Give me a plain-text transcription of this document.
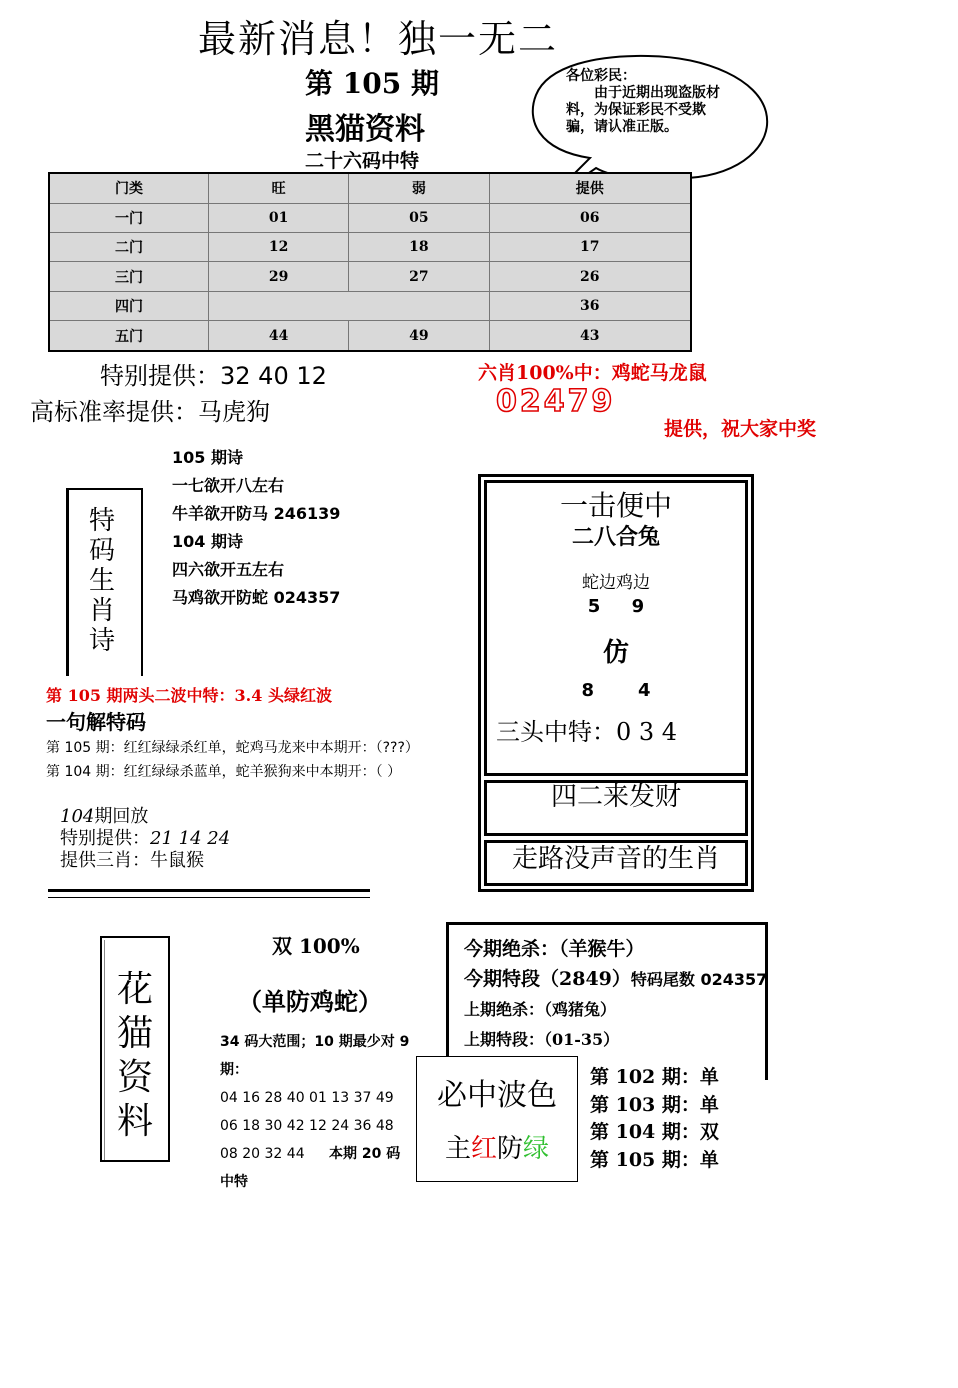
最新消息！独一无二
第 105 期
黑猫资料
二十六码中特
各位彩民：
由于近期出现盗版材料，为保证彩民不受欺骗，请认准正版。
门类	旺	弱	提供
一门	01	05	06
二门	12	18	17
三门	29	27	26
四门			36
五门	44	49	43
特别提供：32 40 12
高标准率提供：马虎狗
六肖100%中：鸡蛇马龙鼠
02479
提供，祝大家中奖
特码生肖诗
105 期诗
一七欲开八左右
牛羊欲开防马 246139
104 期诗
四六欲开五左右
马鸡欲开防蛇 024357
第 105 期两头二波中特：3.4 头绿红波
一句解特码
第 105 期：红红绿绿杀红单，蛇鸡马龙来中本期开：（???）
第 104 期：红红绿绿杀蓝单，蛇羊猴狗来中本期开：（ ）
104期回放
特别提供：21 14 24
提供三肖：牛鼠猴
一击便中
二八合兔
蛇边鸡边
5 9
仿
8 4
三头中特：0 3 4
四二来发财
走路没声音的生肖
花猫资料
双 100%
（单防鸡蛇）
34 码大范围；10 期最少对 9 期：
04 16 28 40 01 13 37 49
06 18 30 42 12 24 36 48
08 20 32 44 本期 20 码中特
今期绝杀：（羊猴牛）
今期特段（2849）特码尾数 024357
上期绝杀：（鸡猪兔）
上期特段：（01-35）
必中波色
主红防绿
第 102 期：单
第 103 期：单
第 104 期：双
第 105 期：单
